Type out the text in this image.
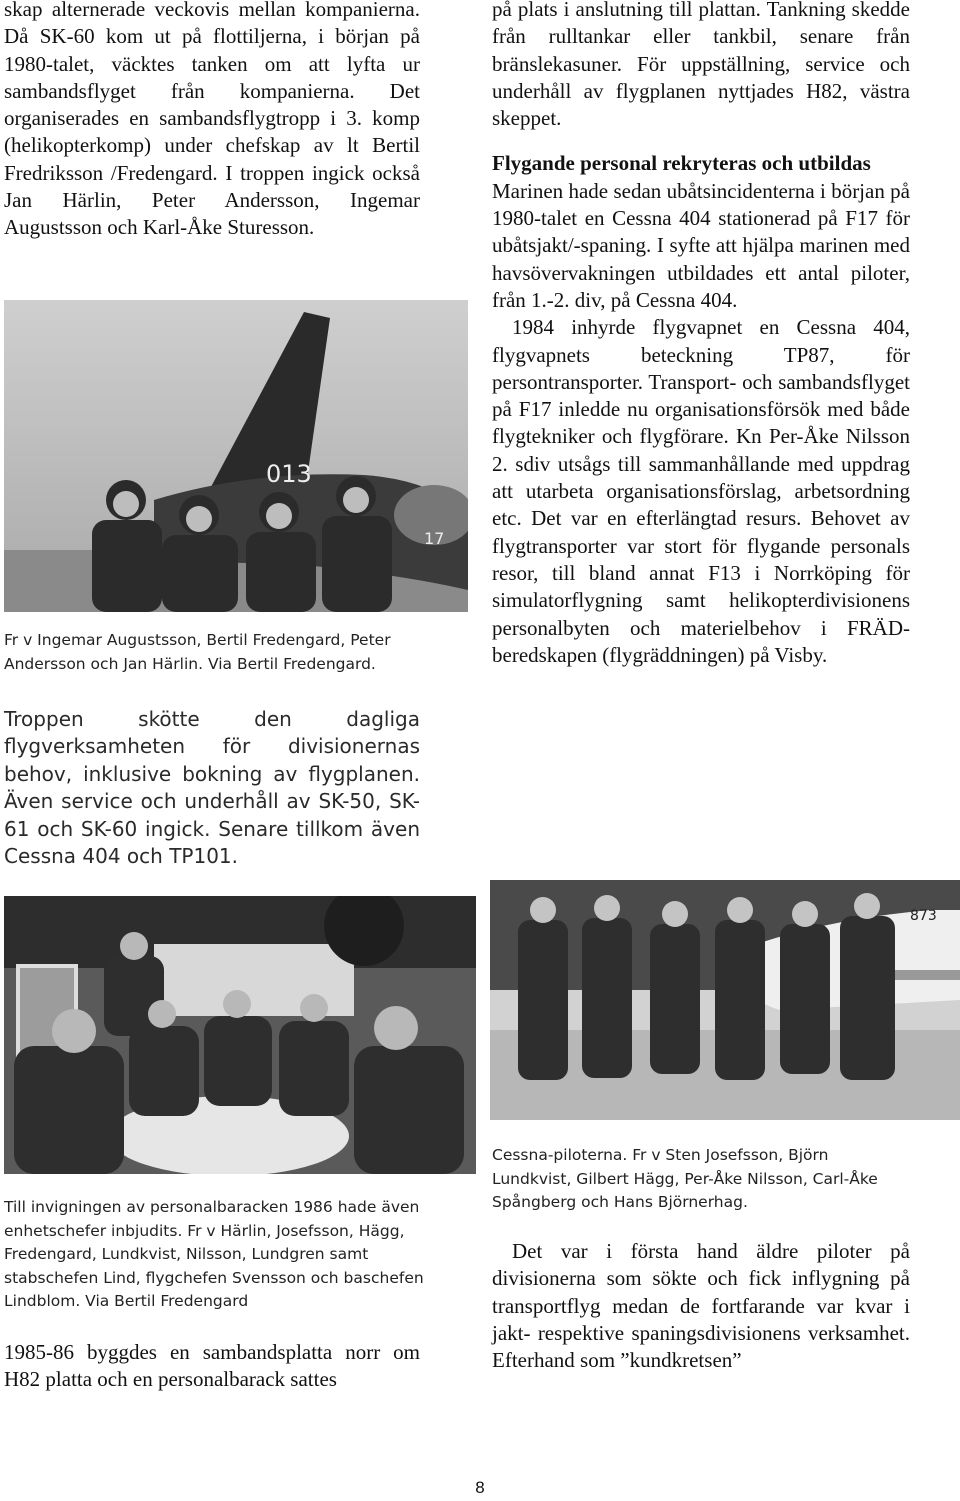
skap alternerade veckovis mellan kompanierna. Då SK-60 kom ut på flottiljerna, i början på 1980-talet, väcktes tanken om att lyfta ur sambandsflyget från kompanierna. Det organiserades en sambandsflygtropp i 3. komp (helikopterkomp) under chefskap av lt Bertil Fredriksson /Fredengard. I troppen ingick också Jan Härlin, Peter Andersson, Ingemar Augustsson och Karl-Åke Sturesson.

013
17
Fr v Ingemar Augustsson, Bertil Fredengard, Peter Andersson och Jan Härlin. Via Bertil Fredengard.

Troppen skötte den dagliga flygverksamheten för divisionernas behov, inklusive bokning av flygplanen. Även service och underhåll av SK-50, SK-61 och SK-60 ingick. Senare tillkom även Cessna 404 och TP101.

på plats i anslutning till plattan. Tankning skedde från rulltankar eller tankbil, senare från bränslekasuner. För uppställning, service och underhåll av flygplanen nyttjades H82, västra skeppet.

Flygande personal rekryteras och utbildas

Marinen hade sedan ubåtsincidenterna i början på 1980-talet en Cessna 404 stationerad på F17 för ubåtsjakt/-spaning. I syfte att hjälpa marinen med havsövervakningen utbildades ett antal piloter, från 1.-2. div, på Cessna 404.

1984 inhyrde flygvapnet en Cessna 404, flygvapnets beteckning TP87, för persontransporter. Transport- och sambandsflyget på F17 inledde nu organisationsförsök med både flygtekniker och flygförare. Kn Per-Åke Nilsson 2. sdiv utsågs till sammanhållande med uppdrag att utarbeta organisationsförslag, arbetsordning etc. Det var en efterlängtad resurs. Behovet av flygtransporter var stort för flygande personals resor, till bland annat F13 i Norrköping för simulatorflygning samt helikopterdivisionens personalbyten och materielbehov i FRÄD-beredskapen (flygräddningen) på Visby.

Till invigningen av personalbaracken 1986 hade även enhetschefer inbjudits. Fr v Härlin, Josefsson, Hägg, Fredengard, Lundkvist, Nilsson, Lundgren samt stabschefen Lind, flygchefen Svensson och baschefen Lindblom. Via Bertil Fredengard
873
Cessna-piloterna. Fr v Sten Josefsson, Björn Lundkvist, Gilbert Hägg, Per-Åke Nilsson, Carl-Åke Spångberg och Hans Björnerhag.

1985-86 byggdes en sambandsplatta norr om H82 platta och en personalbarack sattes

Det var i första hand äldre piloter på divisionerna som sökte och fick inflygning på transportflyg medan de fortfarande var kvar i jakt- respektive spaningsdivisionens verksamhet. Efterhand som ”kundkretsen”

8
